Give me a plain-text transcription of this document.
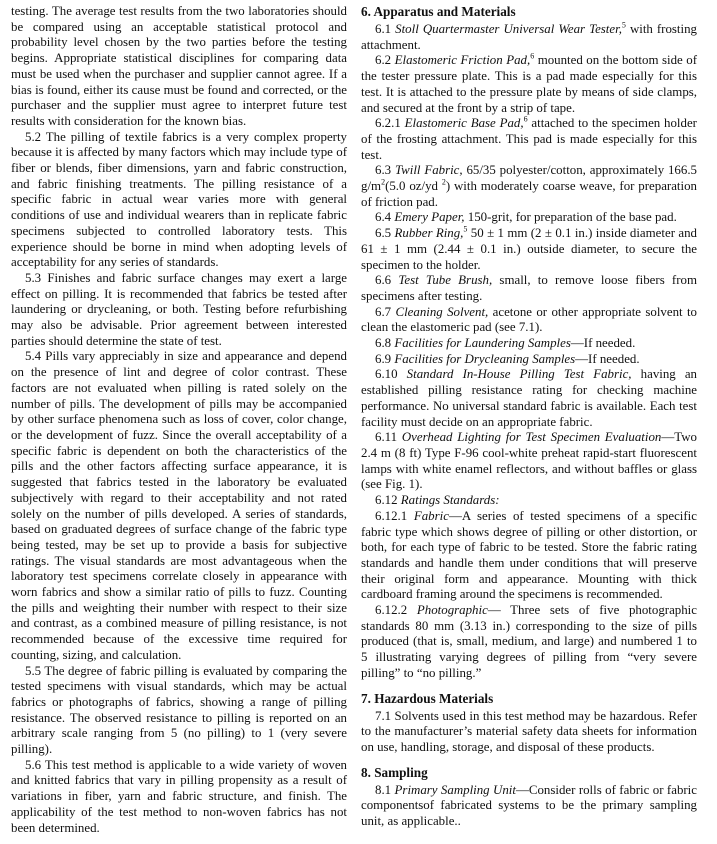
testing. The average test results from the two laboratories should be compared using an acceptable statistical protocol and probability level chosen by the two parties before the testing begins. Appropriate statistical disciplines for comparing data must be used when the purchaser and supplier cannot agree. If a bias is found, either its cause must be found and corrected, or the purchaser and the supplier must agree to interpret future test results with consideration for the known bias.

5.2 The pilling of textile fabrics is a very complex property because it is affected by many factors which may include type of fiber or blends, fiber dimensions, yarn and fabric construction, and fabric finishing treatments. The pilling resistance of a specific fabric in actual wear varies more with general conditions of use and individual wearers than in replicate fabric specimens subjected to controlled laboratory tests. This experience should be borne in mind when adopting levels of acceptability for any series of standards.

5.3 Finishes and fabric surface changes may exert a large effect on pilling. It is recommended that fabrics be tested after laundering or drycleaning, or both. Testing before refurbishing may also be advisable. Prior agreement between interested parties should determine the state of test.

5.4 Pills vary appreciably in size and appearance and depend on the presence of lint and degree of color contrast. These factors are not evaluated when pilling is rated solely on the number of pills. The development of pills may be accompanied by other surface phenomena such as loss of cover, color change, or the development of fuzz. Since the overall acceptability of a specific fabric is dependent on both the characteristics of the pills and the other factors affecting surface appearance, it is suggested that fabrics tested in the laboratory be evaluated subjectively with regard to their acceptability and not rated solely on the number of pills developed. A series of standards, based on graduated degrees of surface change of the fabric type being tested, may be set up to provide a basis for subjective ratings. The visual standards are most advantageous when the laboratory test specimens correlate closely in appearance with worn fabrics and show a similar ratio of pills to fuzz. Counting the pills and weighting their number with respect to their size and contrast, as a combined measure of pilling resistance, is not recommended because of the excessive time required for counting, sizing, and calculation.

5.5 The degree of fabric pilling is evaluated by comparing the tested specimens with visual standards, which may be actual fabrics or photographs of fabrics, showing a range of pilling resistance. The observed resistance to pilling is reported on an arbitrary scale ranging from 5 (no pilling) to 1 (very severe pilling).

5.6 This test method is applicable to a wide variety of woven and knitted fabrics that vary in pilling propensity as a result of variations in fiber, yarn and fabric structure, and finish. The applicability of the test method to non-woven fabrics has not been determined.

6. Apparatus and Materials

6.1 Stoll Quartermaster Universal Wear Tester,$^5$ with frosting attachment.

6.2 Elastomeric Friction Pad,$^6$ mounted on the bottom side of the tester pressure plate. This is a pad made especially for this test. It is attached to the pressure plate by means of side clamps, and secured at the front by a strip of tape.

6.2.1 Elastomeric Base Pad,$^6$ attached to the specimen holder of the frosting attachment. This pad is made especially for this test.

6.3 Twill Fabric, 65/35 polyester/cotton, approximately 166.5 $g/m^2(5.0$ oz/yd $^2$) with moderately coarse weave, for preparation of friction pad.

6.4 Emery Paper, 150-grit, for preparation of the base pad.

6.5 Rubber Ring,$^5$ 50 ± 1 mm (2 ± 0.1 in.) inside diameter and 61 ± 1 mm (2.44 ± 0.1 in.) outside diameter, to secure the specimen to the holder.

6.6 Test Tube Brush, small, to remove loose fibers from specimens after testing.

6.7 Cleaning Solvent, acetone or other appropriate solvent to clean the elastomeric pad (see 7.1).

6.8 Facilities for Laundering Samples—If needed.

6.9 Facilities for Drycleaning Samples—If needed.

6.10 Standard In-House Pilling Test Fabric, having an established pilling resistance rating for checking machine performance. No universal standard fabric is available. Each test facility must decide on an appropriate fabric.

6.11 Overhead Lighting for Test Specimen Evaluation—Two 2.4 m (8 ft) Type F-96 cool-white preheat rapid-start fluorescent lamps with white enamel reflectors, and without baffles or glass (see Fig. 1).

6.12 Ratings Standards:

6.12.1 Fabric—A series of tested specimens of a specific fabric type which shows degree of pilling or other distortion, or both, for each type of fabric to be tested. Store the fabric rating standards and handle them under conditions that will preserve their original form and appearance. Mounting with thick cardboard framing around the specimens is recommended.

6.12.2 Photographic— Three sets of five photographic standards 80 mm (3.13 in.) corresponding to the size of pills produced (that is, small, medium, and large) and numbered 1 to 5 illustrating varying degrees of pilling from “very severe pilling” to “no pilling.”

7. Hazardous Materials

7.1 Solvents used in this test method may be hazardous. Refer to the manufacturer’s material safety data sheets for information on use, handling, storage, and disposal of these products.

8. Sampling

8.1 Primary Sampling Unit—Consider rolls of fabric or fabric componentsof fabricated systems to be the primary sampling unit, as applicable..
